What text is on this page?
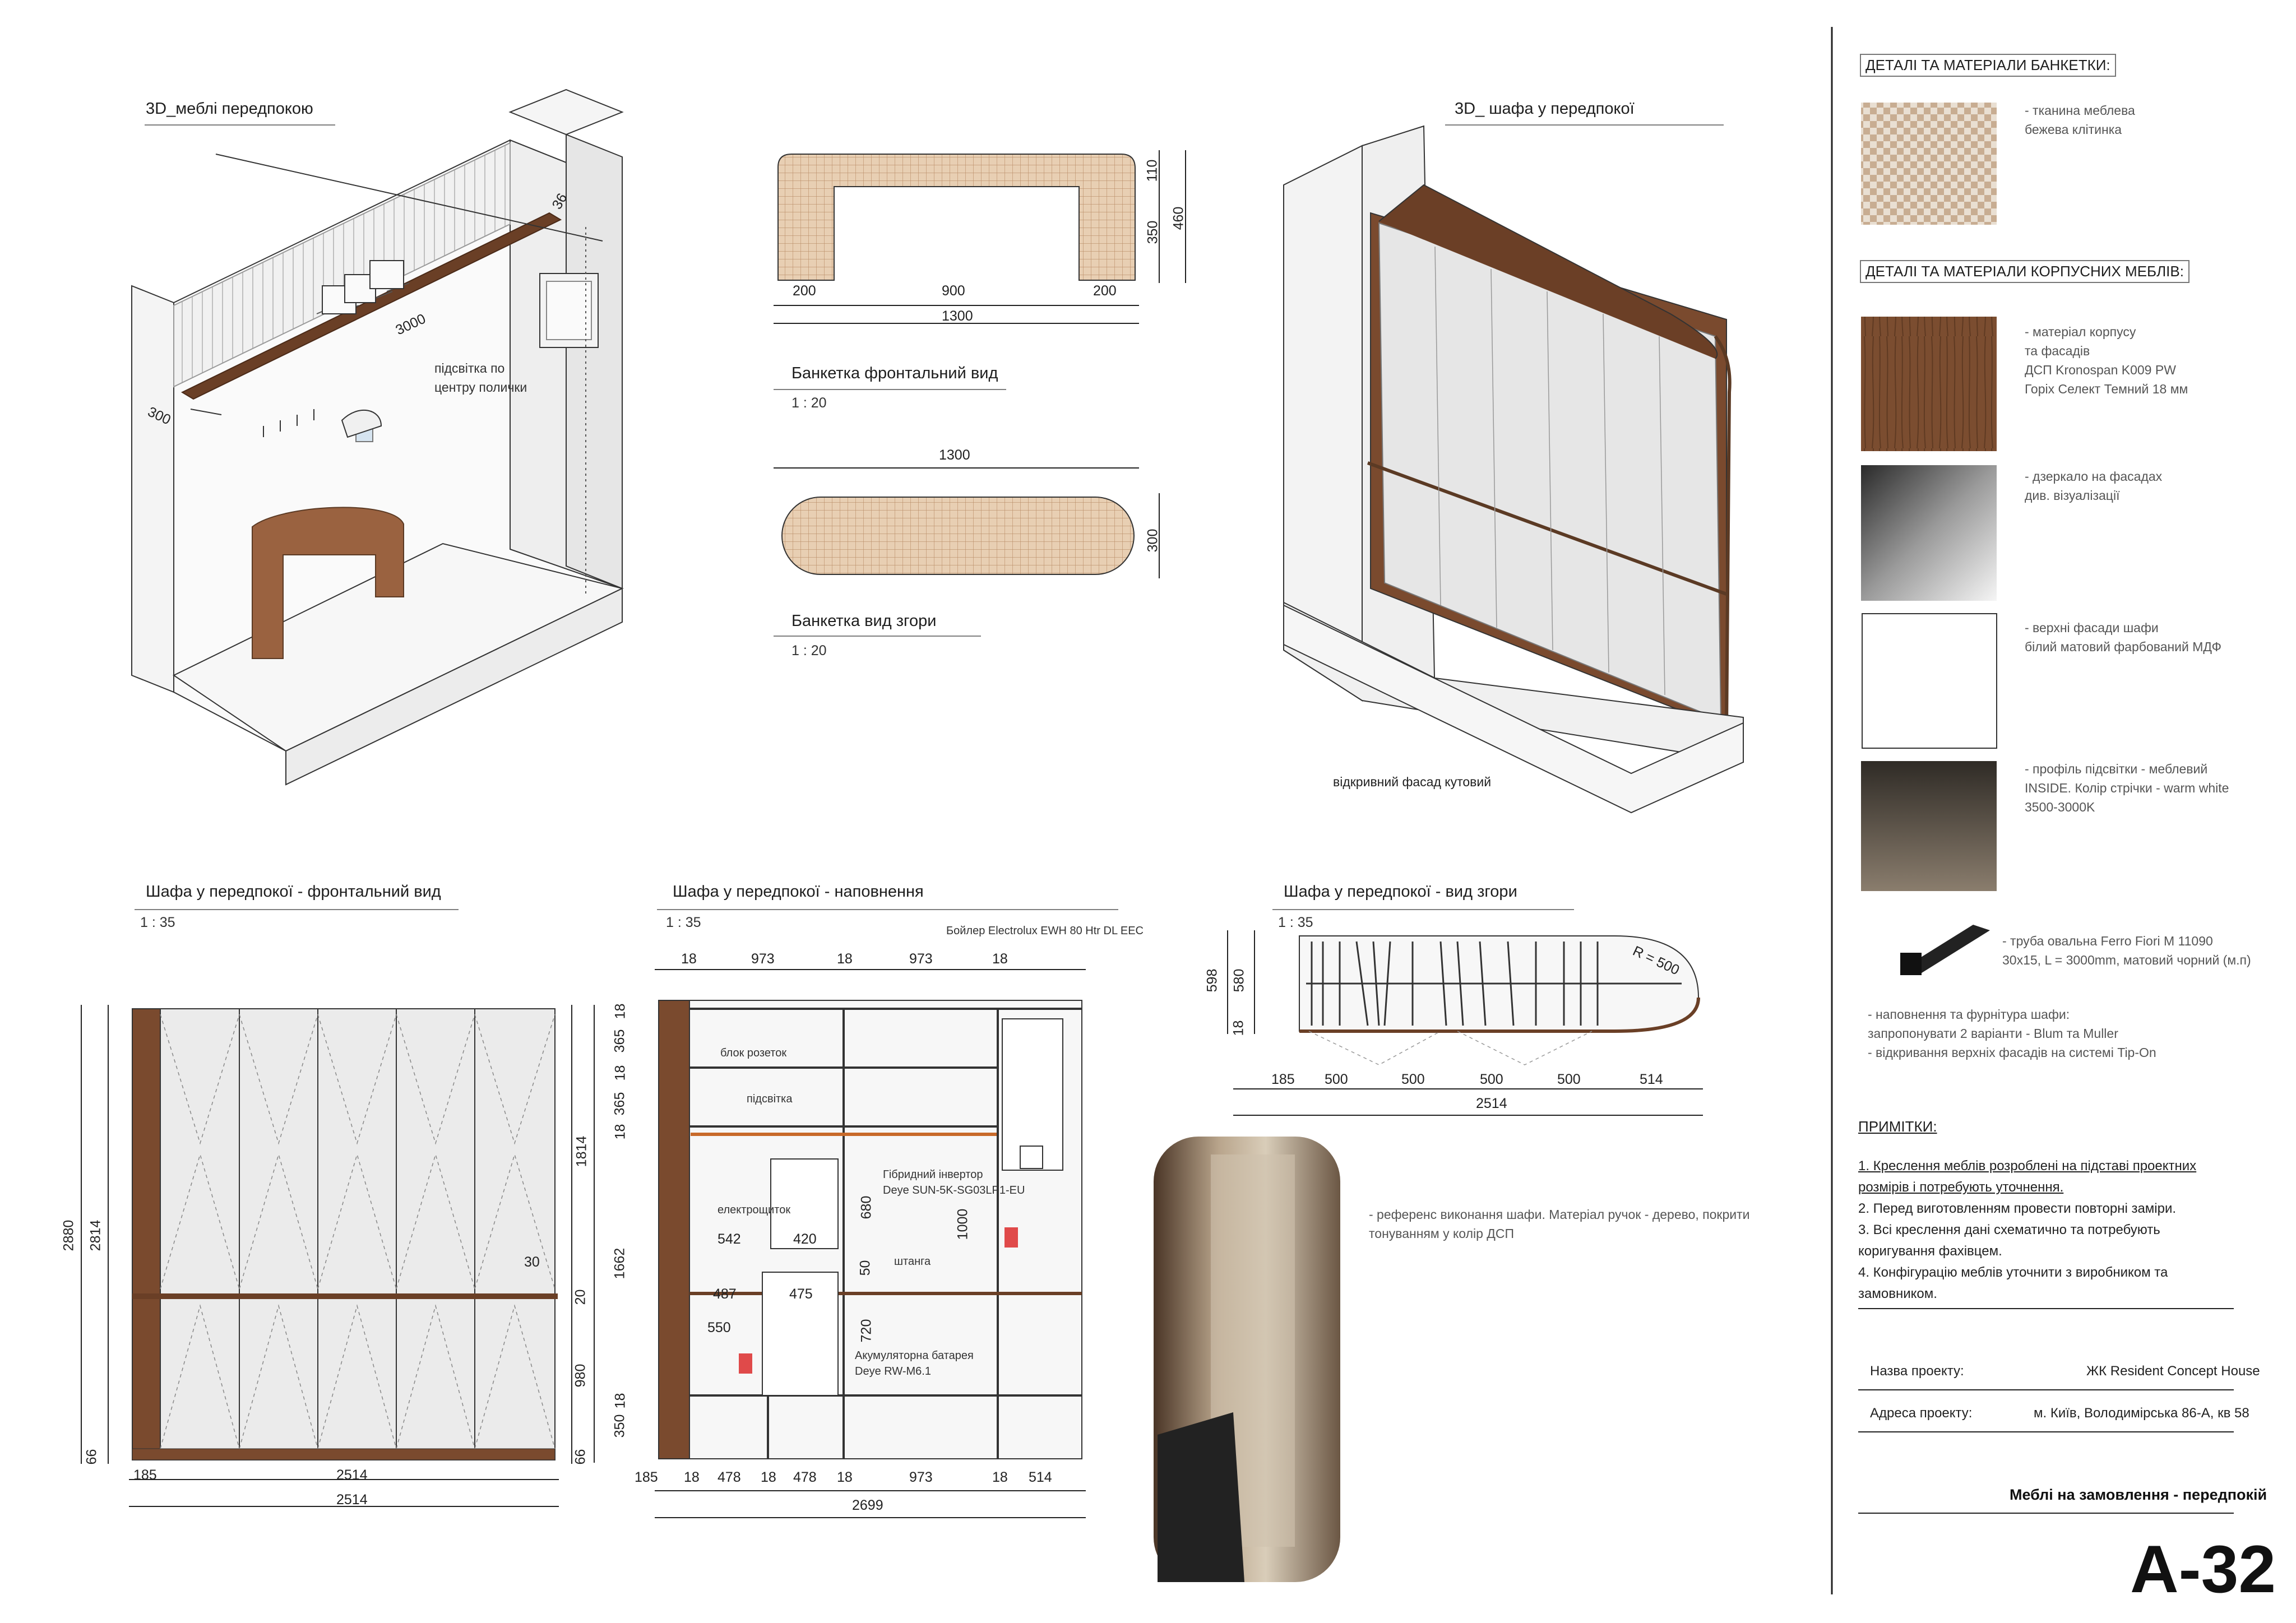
3D_меблі передпокою	3D_ шафа у передпокої
Банкетка фронтальний вид
1 : 20
Банкетка вид згори
1 : 20
Шафа у передпокої - фронтальний вид
1 : 35
Шафа у передпокої - наповнення
1 : 35
Шафа у передпокої - вид згори
1 : 35
підсвітка по
центру полички
36
3000
300
відкривний фасад кутовий
200	900	200
1300
110
350
460
1300
300
2880 2814
66
185	2514
2514
30
1814
20
980
66
Бойлер Electrolux EWH 80 Htr DL EEC
18	973	18	973	18
18
365
18
365
18
1662
18
350
блок розеток
підсвітка
електрощиток
Гібридний інвертор
Deye SUN-5K-SG03LP1-EU
штанга
Акумуляторна батарея
Deye RW-M6.1
680
1000
50
720
542	420
487	475
550
185 18 478 18 478 18	973	18 514
2699
R = 500
598 580
18
185 500	500	500	500	514
2514
- референс виконання шафи. Матеріал ручок - дерево, покрити тонуванням у колір ДСП
ДЕТАЛІ ТА МАТЕРІАЛИ БАНКЕТКИ:
- тканина меблева
бежева клітинка
ДЕТАЛІ ТА МАТЕРІАЛИ КОРПУСНИХ МЕБЛІВ:
- матеріал корпусу
та фасадів
ДСП Kronospan K009 PW
Горіх Селект Темний 18 мм
- дзеркало на фасадах
див. візуалізації
- верхні фасади шафи
білий матовий фарбований МДФ
- профіль підсвітки - меблевий
INSIDE. Колір стрічки - warm white
3500-3000K
- труба овальна Ferro Fiori M 11090
30x15, L = 3000mm, матовий чорний (м.п)
- наповнення та фурнітура шафи:
запропонувати 2 варіанти - Blum та Muller
- відкривання верхніх фасадів на системі Tip-On
ПРИМІТКИ:
1. Креслення меблів розроблені на підставі проектних розмірів і потребують уточнення.
2. Перед виготовленням провести повторні заміри.
3. Всі креслення дані схематично та потребують коригування фахівцем.
4. Конфігурацію меблів уточнити з виробником та замовником.
Назва проекту:	ЖК Resident Concept House
Адреса проекту:	м. Київ, Володимірська 86-А, кв 58
Меблі на замовлення - передпокій
А-32
